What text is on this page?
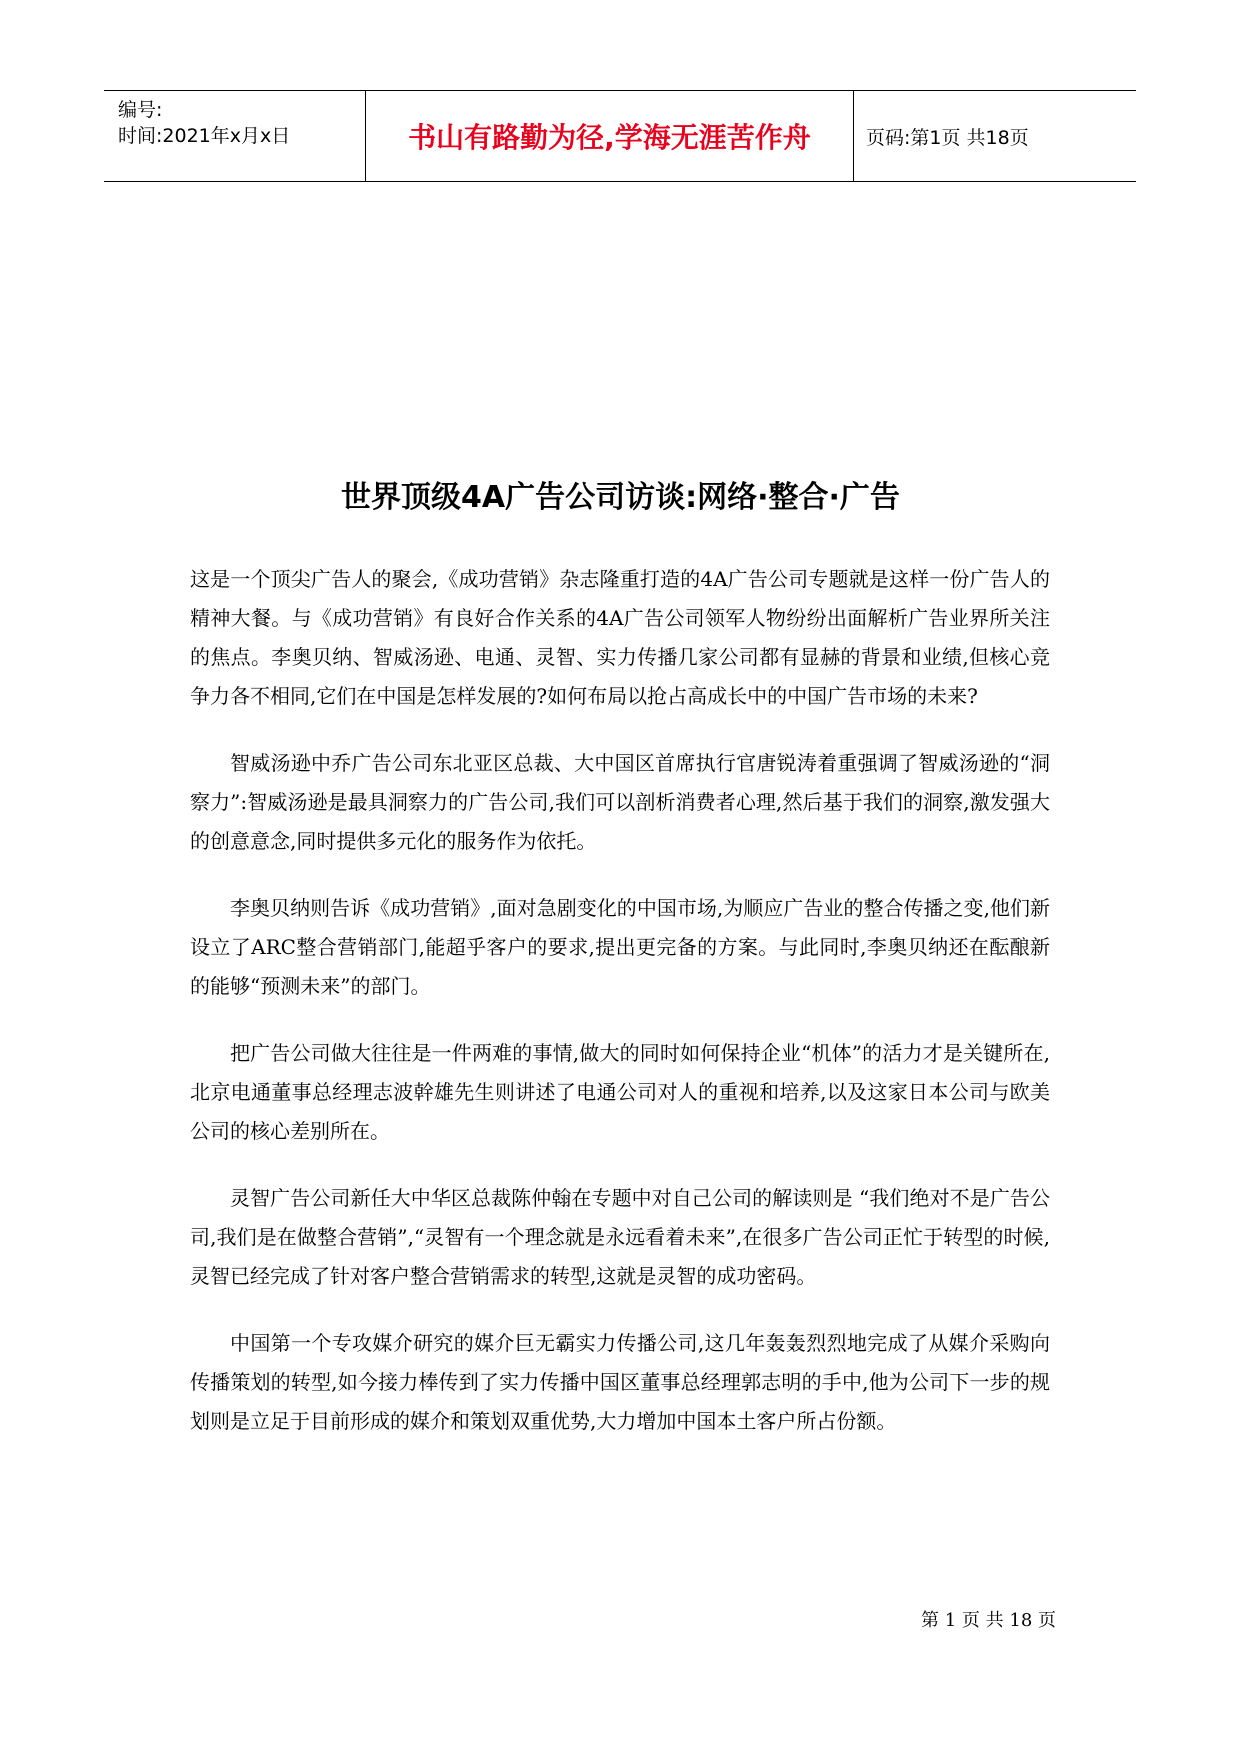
编号:
时间:2021年x月x日	书山有路勤为径,学海无涯苦作舟	页码:第1页 共18页
世界顶级4A广告公司访谈:网络·整合·广告

这是一个顶尖广告人的聚会,《成功营销》杂志隆重打造的4A广告公司专题就是这样一份广告人的精神大餐。与《成功营销》有良好合作关系的4A广告公司领军人物纷纷出面解析广告业界所关注的焦点。李奥贝纳、智威汤逊、电通、灵智、实力传播几家公司都有显赫的背景和业绩,但核心竞争力各不相同,它们在中国是怎样发展的?如何布局以抢占高成长中的中国广告市场的未来?

智威汤逊中乔广告公司东北亚区总裁、大中国区首席执行官唐锐涛着重强调了智威汤逊的“洞察力”:智威汤逊是最具洞察力的广告公司,我们可以剖析消费者心理,然后基于我们的洞察,激发强大的创意意念,同时提供多元化的服务作为依托。

李奥贝纳则告诉《成功营销》,面对急剧变化的中国市场,为顺应广告业的整合传播之变,他们新设立了ARC整合营销部门,能超乎客户的要求,提出更完备的方案。与此同时,李奥贝纳还在酝酿新的能够“预测未来”的部门。

把广告公司做大往往是一件两难的事情,做大的同时如何保持企业“机体”的活力才是关键所在,北京电通董事总经理志波幹雄先生则讲述了电通公司对人的重视和培养,以及这家日本公司与欧美公司的核心差别所在。

灵智广告公司新任大中华区总裁陈仲翰在专题中对自己公司的解读则是 “我们绝对不是广告公司,我们是在做整合营销”,“灵智有一个理念就是永远看着未来”,在很多广告公司正忙于转型的时候,灵智已经完成了针对客户整合营销需求的转型,这就是灵智的成功密码。

中国第一个专攻媒介研究的媒介巨无霸实力传播公司,这几年轰轰烈烈地完成了从媒介采购向传播策划的转型,如今接力棒传到了实力传播中国区董事总经理郭志明的手中,他为公司下一步的规划则是立足于目前形成的媒介和策划双重优势,大力增加中国本土客户所占份额。

第 1 页 共 18 页
